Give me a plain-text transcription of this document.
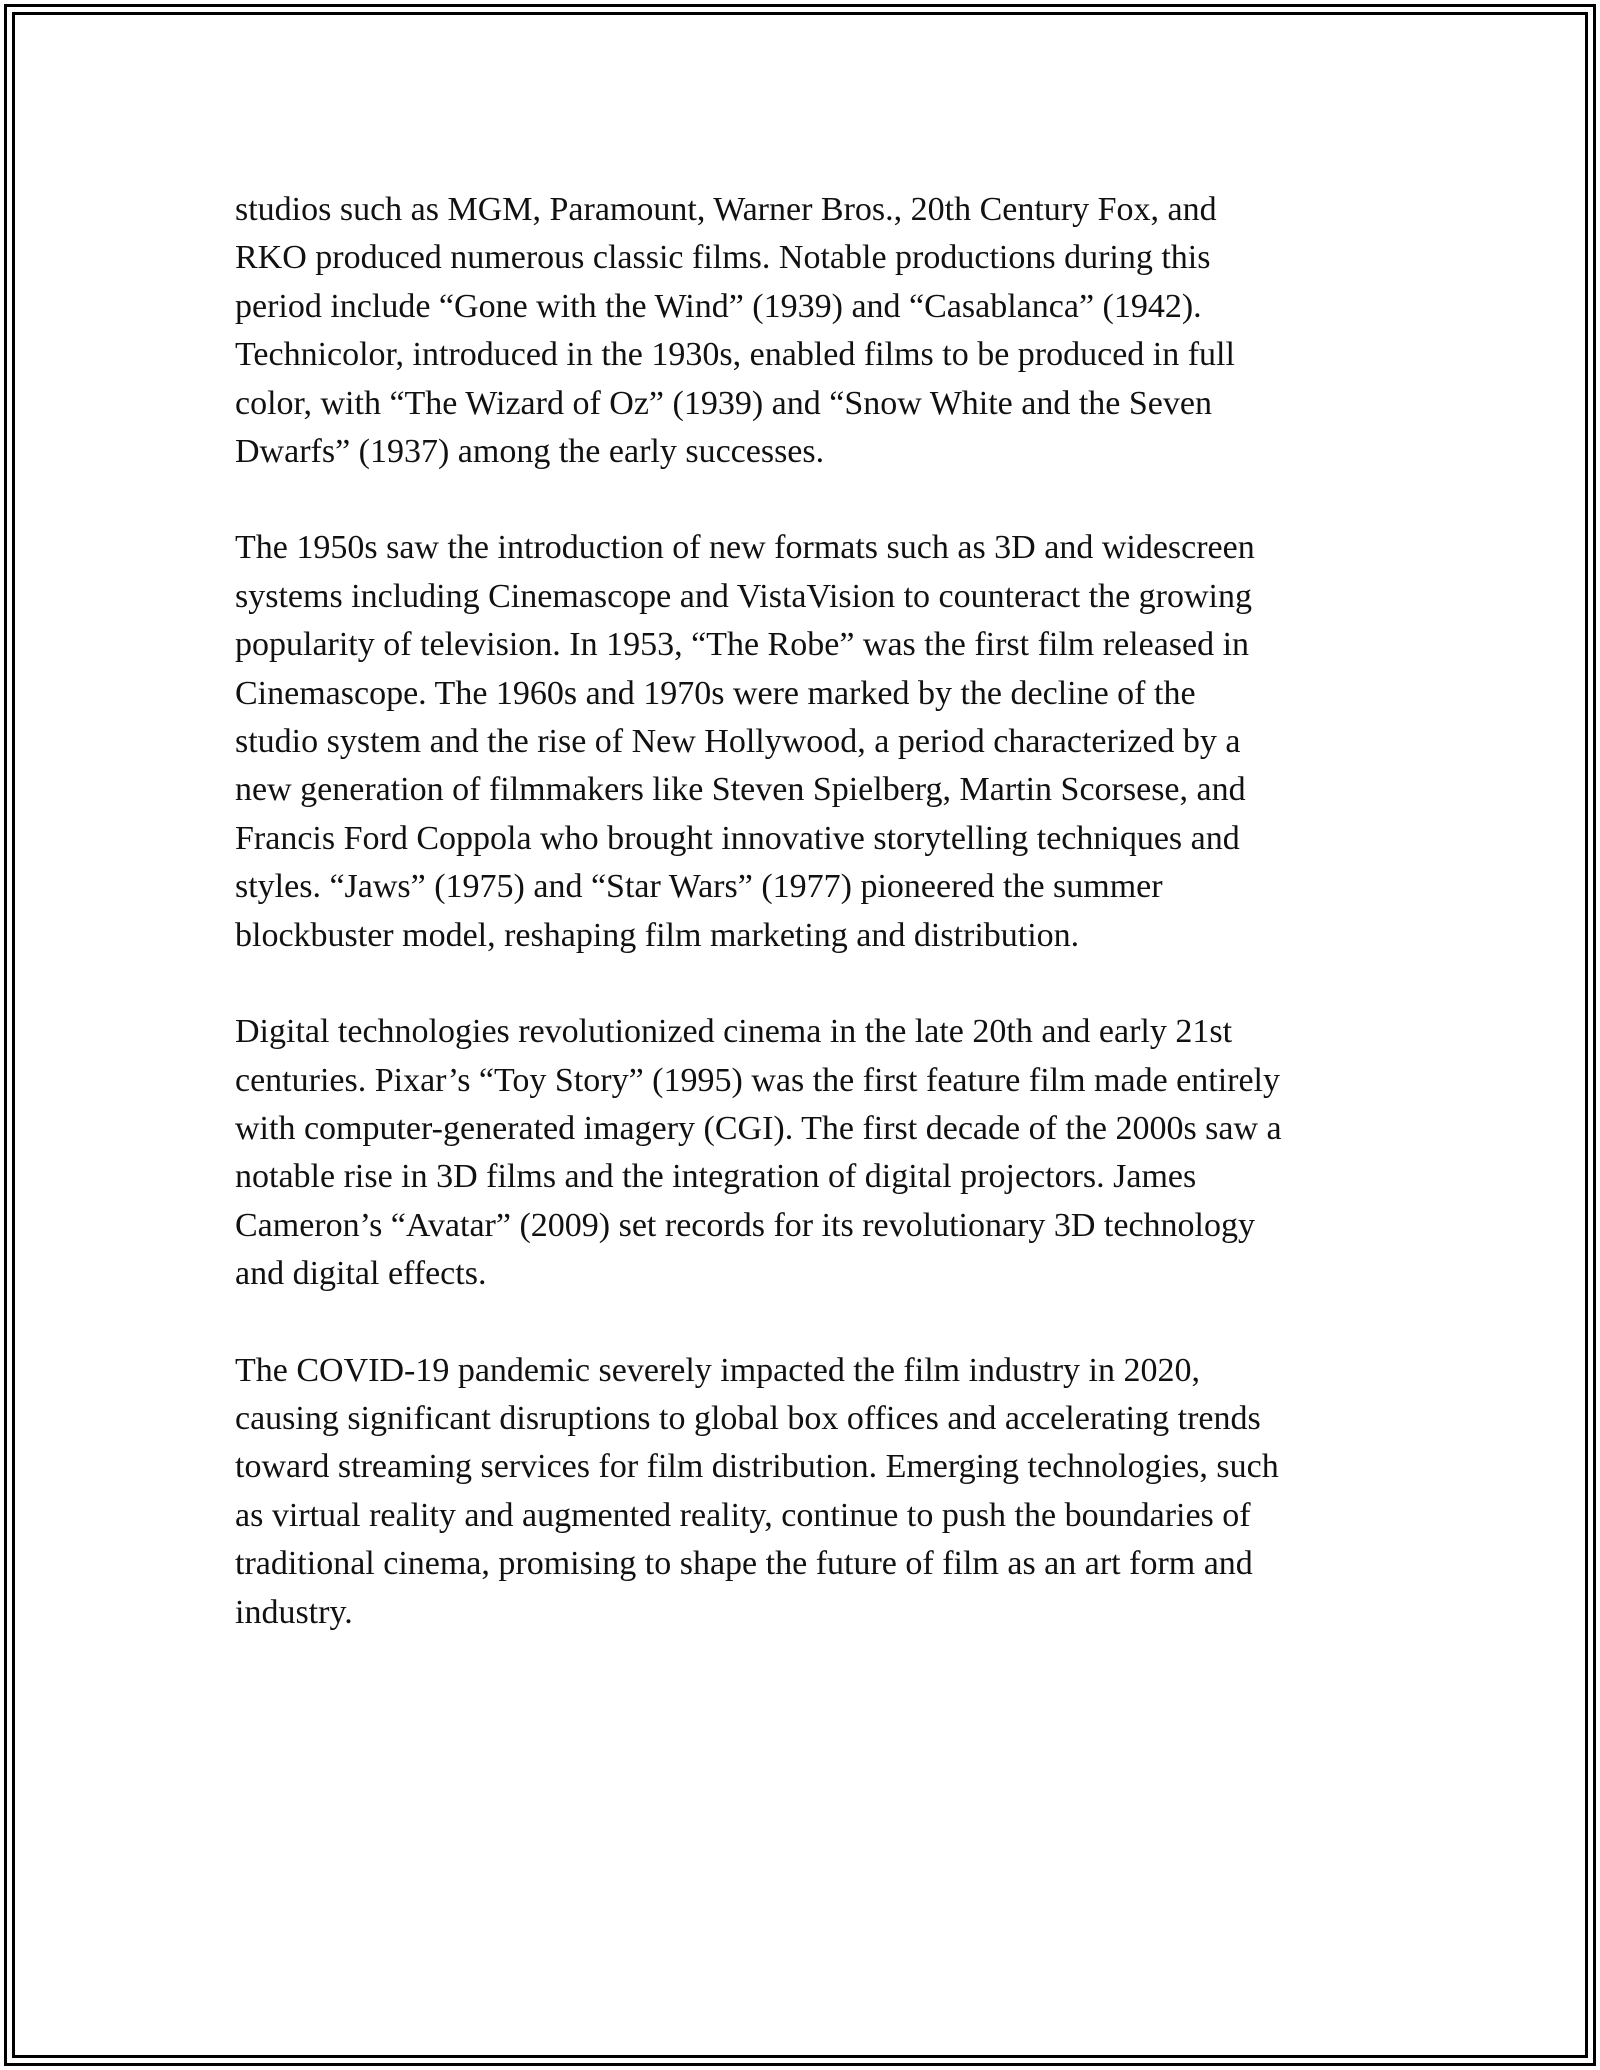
studios such as MGM, Paramount, Warner Bros., 20th Century Fox, and
RKO produced numerous classic films. Notable productions during this
period include “Gone with the Wind” (1939) and “Casablanca” (1942).
Technicolor, introduced in the 1930s, enabled films to be produced in full
color, with “The Wizard of Oz” (1939) and “Snow White and the Seven
Dwarfs” (1937) among the early successes.

The 1950s saw the introduction of new formats such as 3D and widescreen
systems including Cinemascope and VistaVision to counteract the growing
popularity of television. In 1953, “The Robe” was the first film released in
Cinemascope. The 1960s and 1970s were marked by the decline of the
studio system and the rise of New Hollywood, a period characterized by a
new generation of filmmakers like Steven Spielberg, Martin Scorsese, and
Francis Ford Coppola who brought innovative storytelling techniques and
styles. “Jaws” (1975) and “Star Wars” (1977) pioneered the summer
blockbuster model, reshaping film marketing and distribution.

Digital technologies revolutionized cinema in the late 20th and early 21st
centuries. Pixar’s “Toy Story” (1995) was the first feature film made entirely
with computer-generated imagery (CGI). The first decade of the 2000s saw a
notable rise in 3D films and the integration of digital projectors. James
Cameron’s “Avatar” (2009) set records for its revolutionary 3D technology
and digital effects.

The COVID-19 pandemic severely impacted the film industry in 2020,
causing significant disruptions to global box offices and accelerating trends
toward streaming services for film distribution. Emerging technologies, such
as virtual reality and augmented reality, continue to push the boundaries of
traditional cinema, promising to shape the future of film as an art form and
industry.
